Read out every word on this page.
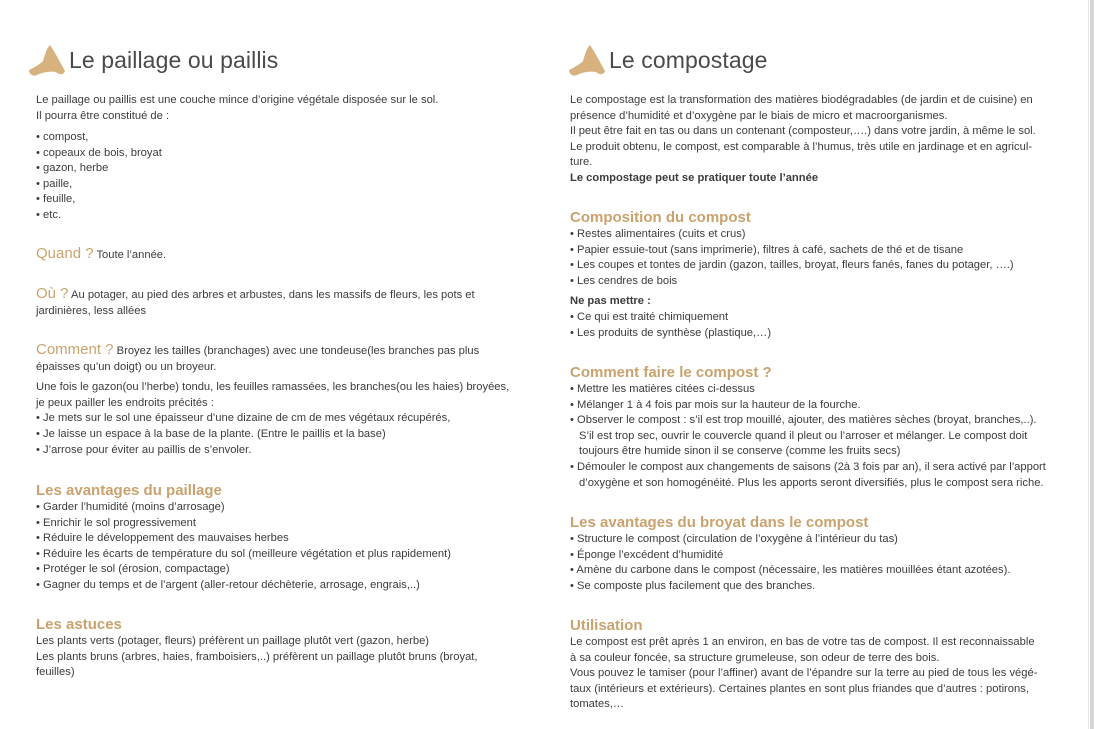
Le paillage ou paillis

Le paillage ou paillis est une couche mince d’origine végétale disposée sur le sol.

Il pourra être constitué de :

• compost,
• copeaux de bois, broyat
• gazon, herbe
• paille,
• feuille,
• etc.

Quand ? Toute l’année.

Où ? Au potager, au pied des arbres et arbustes, dans les massifs de fleurs, les pots et

jardinières, less allées

Comment ? Broyez les tailles (branchages) avec une tondeuse(les branches pas plus

épaisses qu’un doigt) ou un broyeur.

Une fois le gazon(ou l’herbe) tondu, les feuilles ramassées, les branches(ou les haies) broyées,

je peux pailler les endroits précités :

• Je mets sur le sol une épaisseur d’une dizaine de cm de mes végétaux récupérés,

• Je laisse un espace à la base de la plante. (Entre le paillis et la base)

• J’arrose pour éviter au paillis de s’envoler.

Les avantages du paillage
• Garder l’humidité (moins d’arrosage)
• Enrichir le sol progressivement
• Réduire le développement des mauvaises herbes
• Réduire les écarts de température du sol (meilleure végétation et plus rapidement)
• Protéger le sol (érosion, compactage)
• Gagner du temps et de l’argent (aller-retour déchèterie, arrosage, engrais,..)
Les astuces

Les plants verts (potager, fleurs) préfèrent un paillage plutôt vert (gazon, herbe)

Les plants bruns (arbres, haies, framboisiers,..) préfèrent un paillage plutôt bruns (broyat,

feuilles)

Le compostage

Le compostage est la transformation des matières biodégradables (de jardin et de cuisine) en

présence d’humidité et d’oxygène par le biais de micro et macroorganismes.

Il peut être fait en tas ou dans un contenant (composteur,….) dans votre jardin, à même le sol.

Le produit obtenu, le compost, est comparable à l’humus, très utile en jardinage et en agricul-

ture.

Le compostage peut se pratiquer toute l’année

Composition du compost
• Restes alimentaires (cuits et crus)
• Papier essuie-tout (sans imprimerie), filtres à café, sachets de thé et de tisane
• Les coupes et tontes de jardin (gazon, tailles, broyat, fleurs fanés, fanes du potager, ….)
• Les cendres de bois

Ne pas mettre :

• Ce qui est traité chimiquement
• Les produits de synthèse (plastique,…)
Comment faire le compost ?

• Mettre les matières citées ci-dessus

• Mélanger 1 à 4 fois par mois sur la hauteur de la fourche.

• Observer le compost : s’il est trop mouillé, ajouter, des matières sèches (broyat, branches,..).

S’il est trop sec, ouvrir le couvercle quand il pleut ou l’arroser et mélanger. Le compost doit

toujours être humide sinon il se conserve (comme les fruits secs)

• Démouler le compost aux changements de saisons (2à 3 fois par an), il sera activé par l’apport

d’oxygène et son homogénéité. Plus les apports seront diversifiés, plus le compost sera riche.

Les avantages du broyat dans le compost
• Structure le compost (circulation de l’oxygène à l’intérieur du tas)
• Éponge l’excédent d’humidité
• Amène du carbone dans le compost (nécessaire, les matières mouillées étant azotées).
• Se composte plus facilement que des branches.
Utilisation

Le compost est prêt après 1 an environ, en bas de votre tas de compost. Il est reconnaissable

à sa couleur foncée, sa structure grumeleuse, son odeur de terre des bois.

Vous pouvez le tamiser (pour l’affiner) avant de l’épandre sur la terre au pied de tous les végé-

taux (intérieurs et extérieurs). Certaines plantes en sont plus friandes que d’autres : potirons,

tomates,…
